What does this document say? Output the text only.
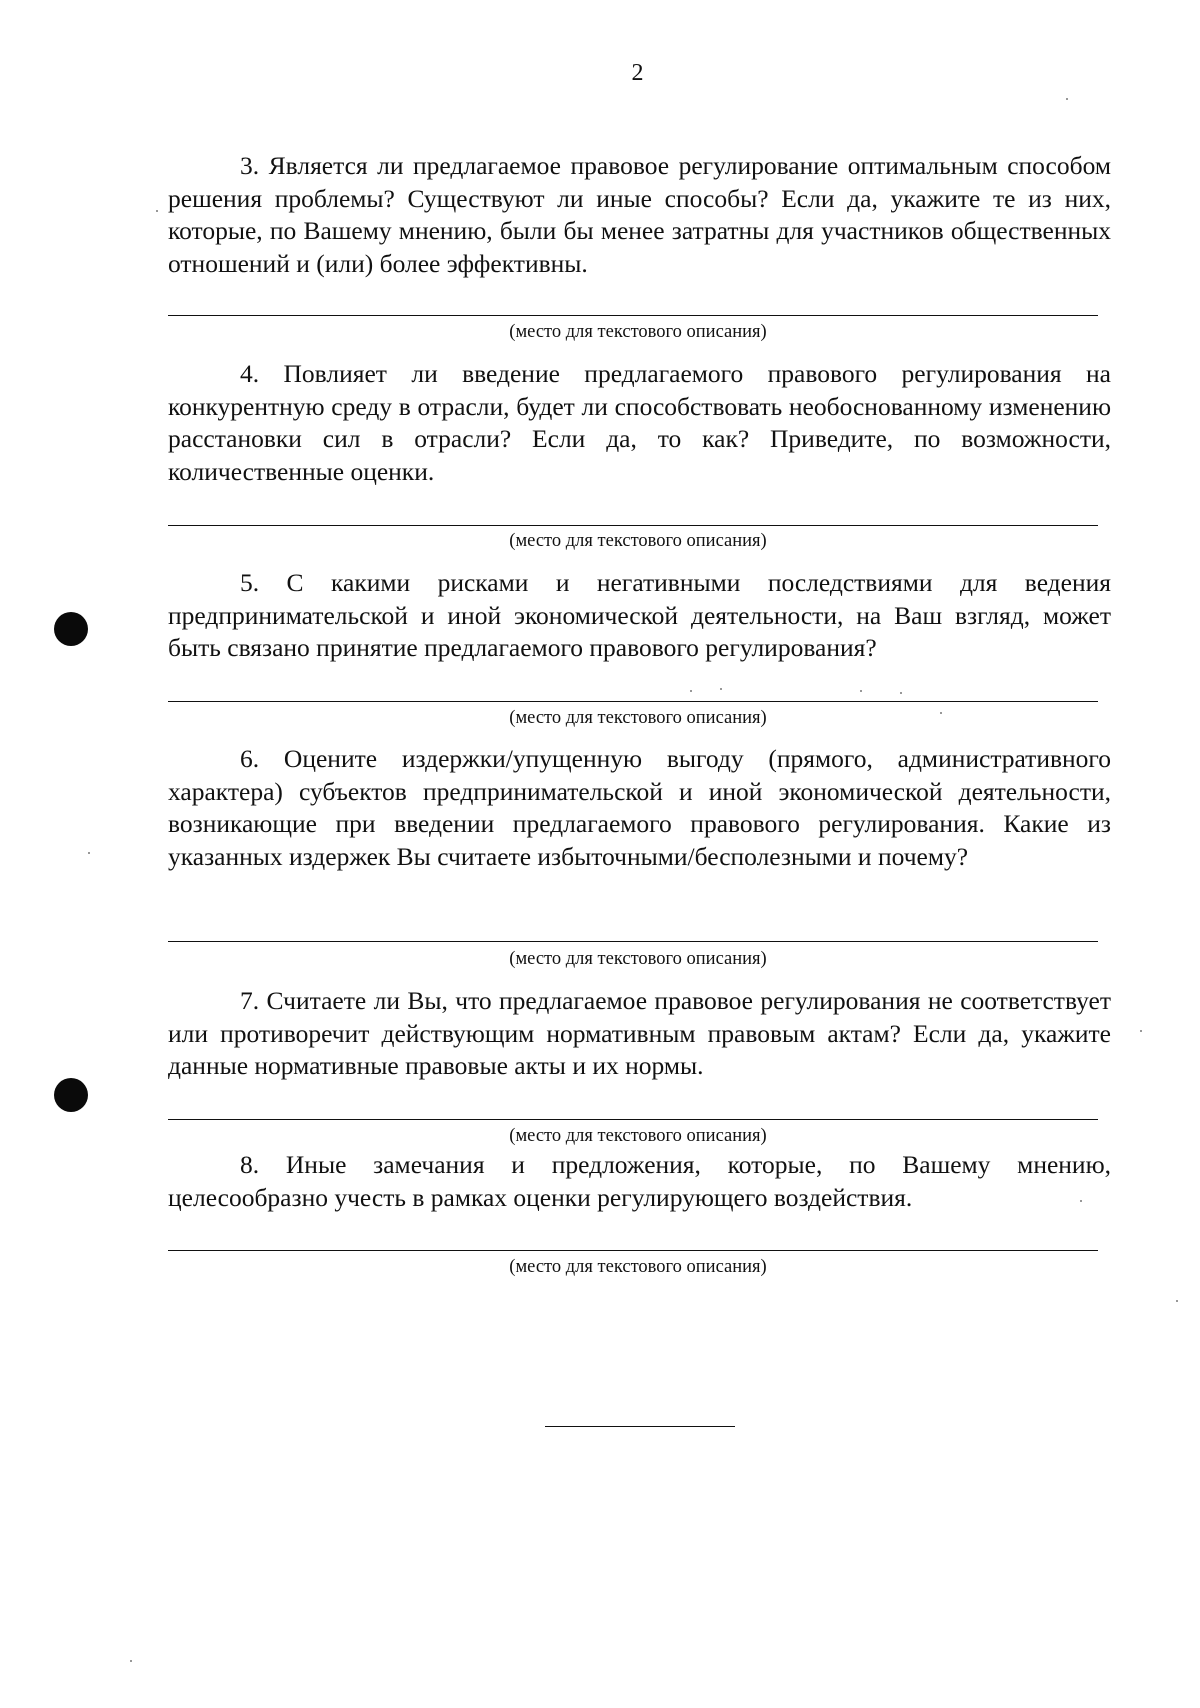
2

3. Является ли предлагаемое правовое регулирование оптимальным способом решения проблемы? Существуют ли иные способы? Если да, укажите те из них, которые, по Вашему мнению, были бы менее затратны для участников общественных отношений и (или) более эффективны.

(место для текстового описания)

4. Повлияет ли введение предлагаемого правового регулирования на конкурентную среду в отрасли, будет ли способствовать необоснованному изменению расстановки сил в отрасли? Если да, то как? Приведите, по возможности, количественные оценки.

(место для текстового описания)

5. С какими рисками и негативными последствиями для ведения предпринимательской и иной экономической деятельности, на Ваш взгляд, может быть связано принятие предлагаемого правового регулирования?

(место для текстового описания)

6. Оцените издержки/упущенную выгоду (прямого, административного характера) субъектов предпринимательской и иной экономической деятельности, возникающие при введении предлагаемого правового регулирования. Какие из указанных издержек Вы считаете избыточными/бесполезными и почему?

(место для текстового описания)

7. Считаете ли Вы, что предлагаемое правовое регулирования не соответствует или противоречит действующим нормативным правовым актам? Если да, укажите данные нормативные правовые акты и их нормы.

(место для текстового описания)

8. Иные замечания и предложения, которые, по Вашему мнению, целесообразно учесть в рамках оценки регулирующего воздействия.

(место для текстового описания)
